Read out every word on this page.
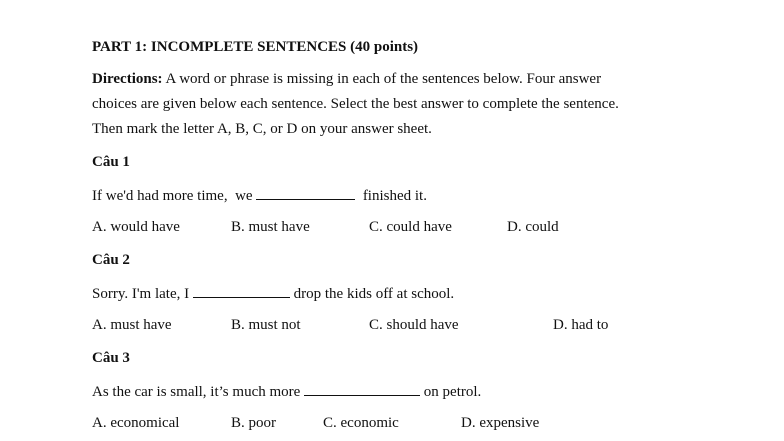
PART 1: INCOMPLETE SENTENCES (40 points)
Directions: A word or phrase is missing in each of the sentences below. Four answer
choices are given below each sentence. Select the best answer to complete the sentence.
Then mark the letter A, B, C, or D on your answer sheet.
Câu 1
If we'd had more time,  we	finished it.
A. would have	B. must have	C. could have	D. could
Câu 2
Sorry. I'm late, I	drop the kids off at school.
A. must have	B. must not	C. should have	D. had to
Câu 3
As the car is small, it’s much more	on petrol.
A. economical	B. poor	C. economic	D. expensive
